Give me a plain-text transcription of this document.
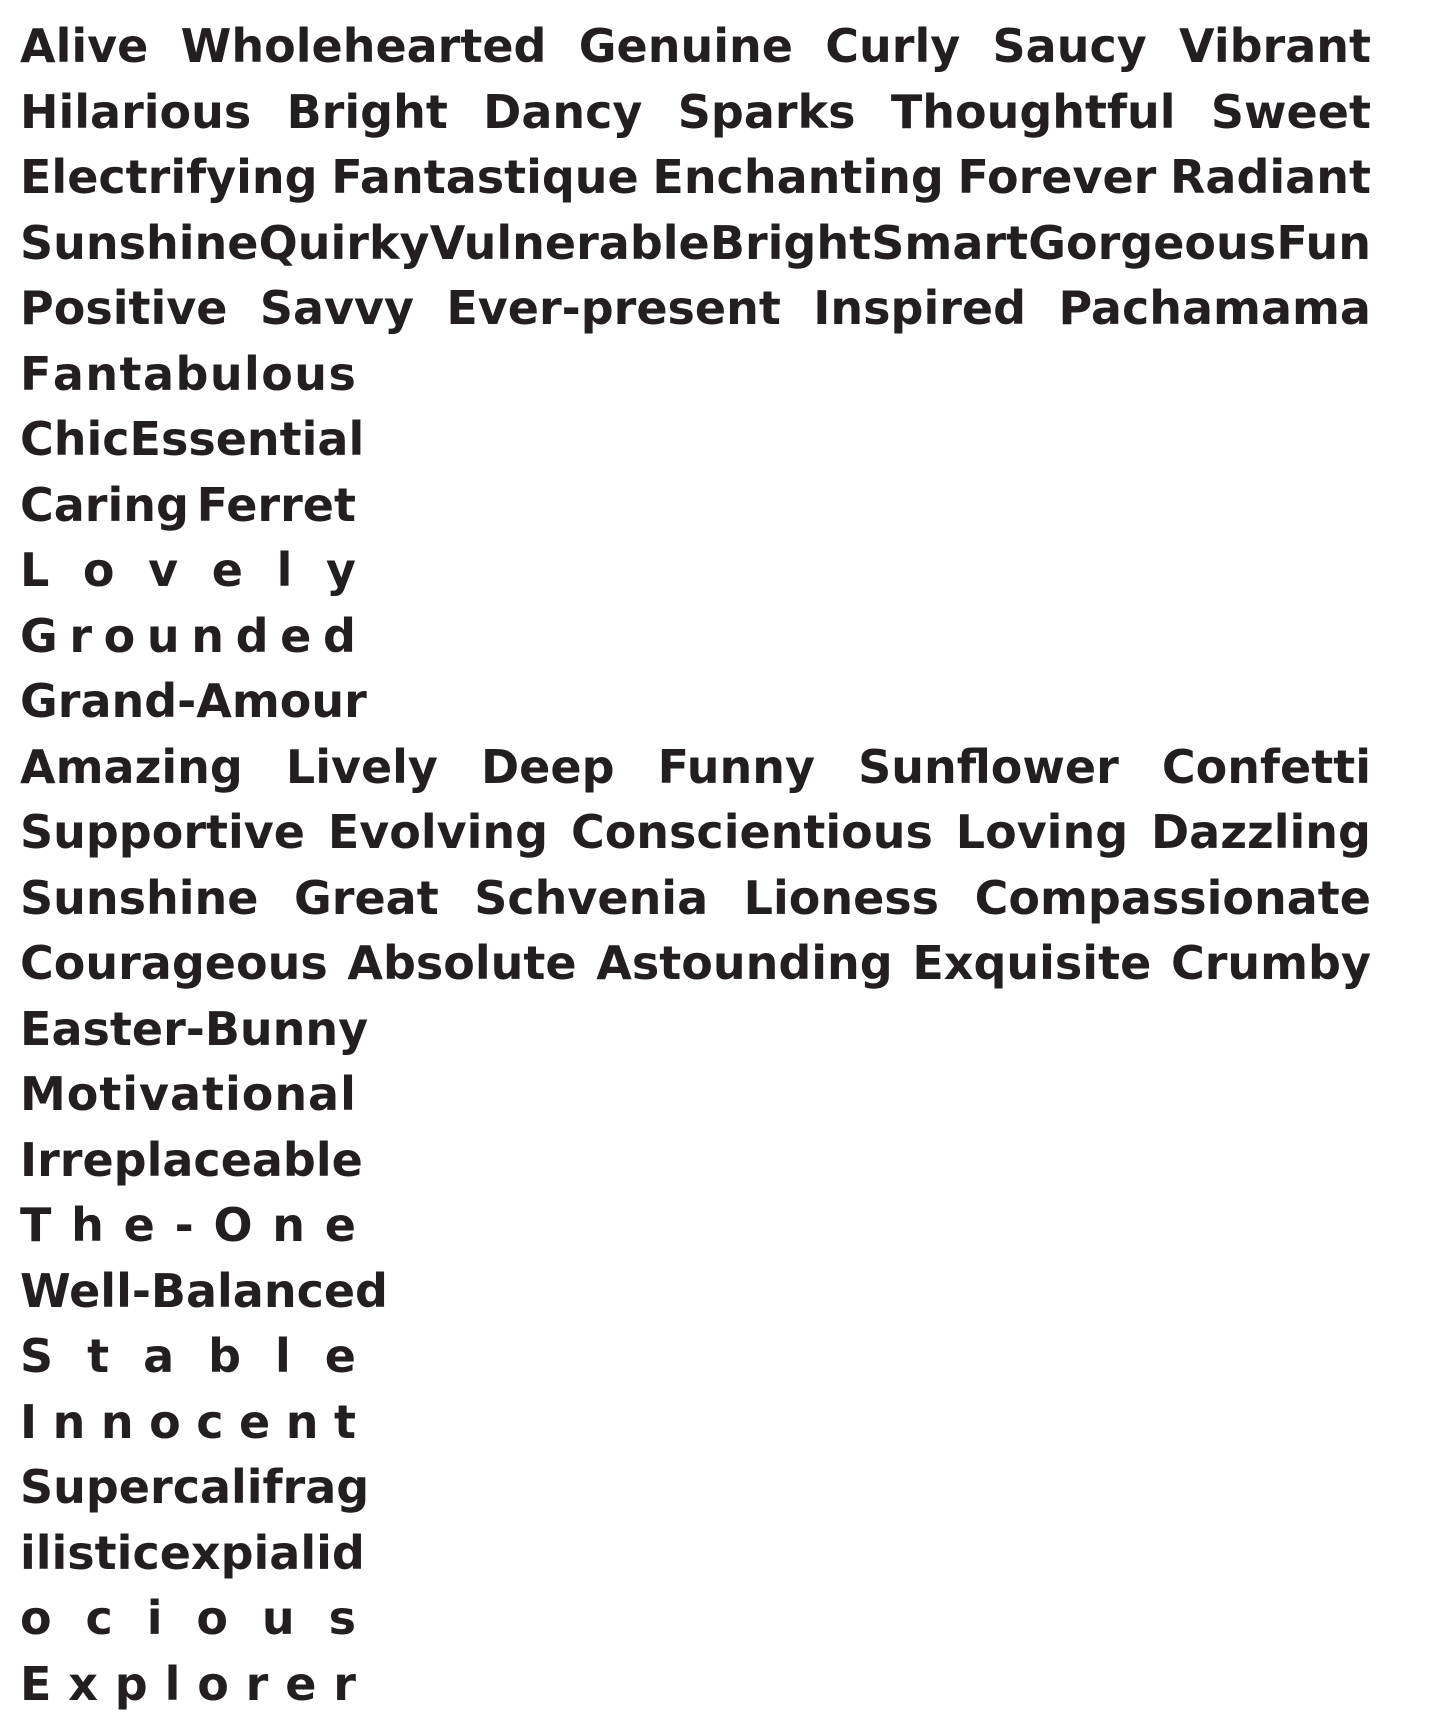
Alive Wholehearted Genuine Curly Saucy Vibrant
Hilarious Bright Dancy Sparks Thoughtful Sweet
Electrifying Fantastique Enchanting Forever Radiant
Sunshine Quirky Vulnerable Bright Smart Gorgeous Fun
Positive Savvy Ever-present Inspired Pachamama
F a n t a b u l o u s
Chic Essential
Caring Ferret
L o v e l y
G r o u n d e d
Grand-Amour
Amazing Lively Deep Funny Sunflower Confetti
Supportive Evolving Conscientious Loving Dazzling
Sunshine Great Schvenia Lioness Compassionate
Courageous Absolute Astounding Exquisite Crumby
E a s t e r - B u n n y
M o t i v a t i o n a l
Irreplaceable
T h e - O n e
Well-Balanced
S t a b l e
I n n o c e n t
Supercalifrag
ilisticexpialid
o c i o u s
E x p l o r e r
